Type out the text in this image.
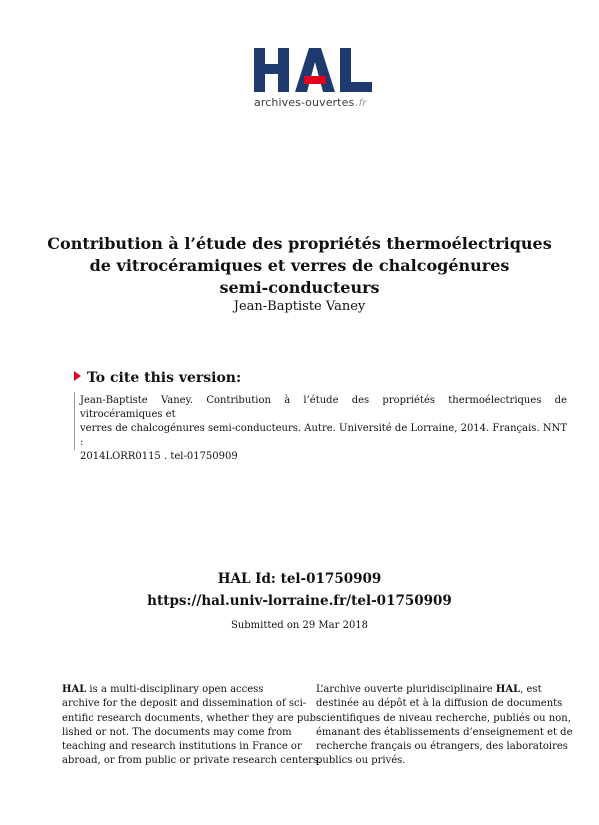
archives-ouvertes.fr
Contribution à l’étude des propriétés thermoélectriques
de vitrocéramiques et verres de chalcogénures
semi-conducteurs
Jean-Baptiste Vaney
To cite this version:
Jean-Baptiste Vaney. Contribution à l’étude des propriétés thermoélectriques de vitrocéramiques et
verres de chalcogénures semi-conducteurs. Autre. Université de Lorraine, 2014. Français. NNT :
2014LORR0115 . tel-01750909
HAL Id: tel-01750909
https://hal.univ-lorraine.fr/tel-01750909
Submitted on 29 Mar 2018
HAL is a multi-disciplinary open access
archive for the deposit and dissemination of sci-
entific research documents, whether they are pub-
lished or not. The documents may come from
teaching and research institutions in France or
abroad, or from public or private research centers.
L’archive ouverte pluridisciplinaire HAL, est
destinée au dépôt et à la diffusion de documents
scientifiques de niveau recherche, publiés ou non,
émanant des établissements d’enseignement et de
recherche français ou étrangers, des laboratoires
publics ou privés.
